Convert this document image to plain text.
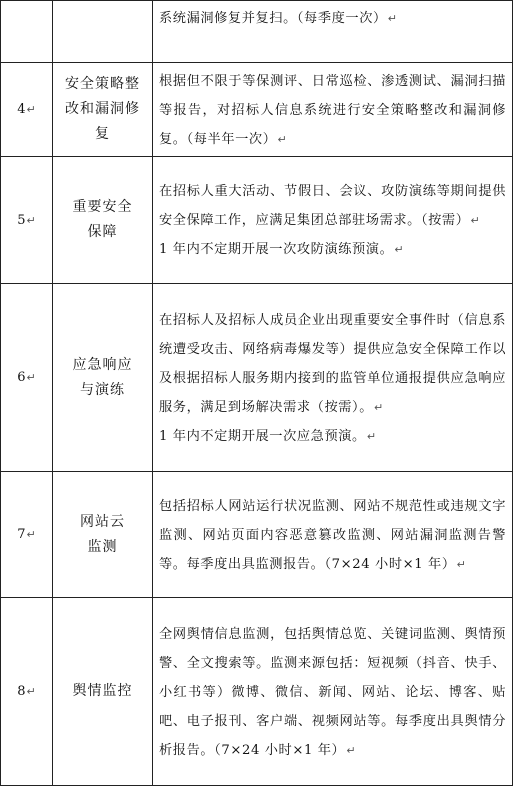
		系统漏洞修复并复扫。（每季度一次）↵

4↵	安全策略整改和漏洞修复	根据但不限于等保测评、日常巡检、渗透测试、漏洞扫描等报告，对招标人信息系统进行安全策略整改和漏洞修复。（每半年一次）↵

5↵	重要安全保障	在招标人重大活动、节假日、会议、攻防演练等期间提供安全保障工作，应满足集团总部驻场需求。（按需）↵
1 年内不定期开展一次攻防演练预演。↵

6↵	应急响应与演练	在招标人及招标人成员企业出现重要安全事件时（信息系统遭受攻击、网络病毒爆发等）提供应急安全保障工作以及根据招标人服务期内接到的监管单位通报提供应急响应服务，满足到场解决需求（按需）。↵
1 年内不定期开展一次应急预演。↵

7↵	网站云监测	包括招标人网站运行状况监测、网站不规范性或违规文字监测、网站页面内容恶意篡改监测、网站漏洞监测告警等。每季度出具监测报告。（7×24 小时×1 年）↵

8↵	舆情监控	全网舆情信息监测，包括舆情总览、关键词监测、舆情预警、全文搜索等。监测来源包括：短视频（抖音、快手、小红书等）微博、微信、新闻、网站、论坛、博客、贴吧、电子报刊、客户端、视频网站等。每季度出具舆情分析报告。（7×24 小时×1 年）↵
